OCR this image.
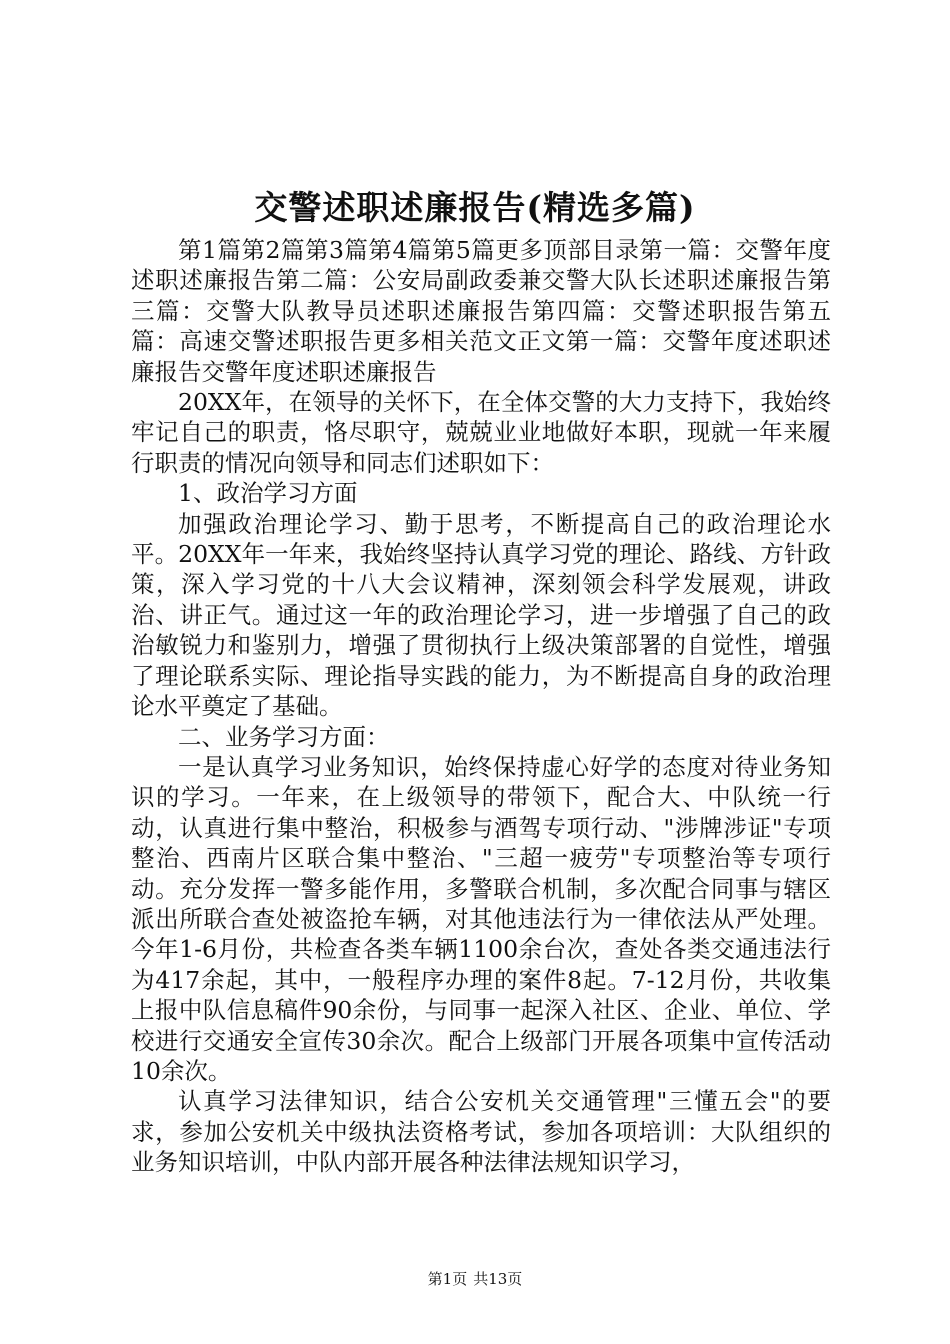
交警述职述廉报告(精选多篇)

第1篇第2篇第3篇第4篇第5篇更多顶部目录第一篇：交警年度述职述廉报告第二篇：公安局副政委兼交警大队长述职述廉报告第三篇：交警大队教导员述职述廉报告第四篇：交警述职报告第五篇：高速交警述职报告更多相关范文正文第一篇：交警年度述职述廉报告交警年度述职述廉报告

20XX年，在领导的关怀下，在全体交警的大力支持下，我始终牢记自己的职责，恪尽职守，兢兢业业地做好本职，现就一年来履行职责的情况向领导和同志们述职如下：

1、政治学习方面

加强政治理论学习、勤于思考，不断提高自己的政治理论水平。20XX年一年来，我始终坚持认真学习党的理论、路线、方针政策，深入学习党的十八大会议精神，深刻领会科学发展观，讲政治、讲正气。通过这一年的政治理论学习，进一步增强了自己的政治敏锐力和鉴别力，增强了贯彻执行上级决策部署的自觉性，增强了理论联系实际、理论指导实践的能力，为不断提高自身的政治理论水平奠定了基础。

二、业务学习方面：

一是认真学习业务知识，始终保持虚心好学的态度对待业务知识的学习。一年来，在上级领导的带领下，配合大、中队统一行动，认真进行集中整治，积极参与酒驾专项行动、"涉牌涉证"专项整治、西南片区联合集中整治、"三超一疲劳"专项整治等专项行动。充分发挥一警多能作用，多警联合机制，多次配合同事与辖区派出所联合查处被盗抢车辆，对其他违法行为一律依法从严处理。今年1-6月份，共检查各类车辆1100余台次，查处各类交通违法行为417余起，其中，一般程序办理的案件8起。7-12月份，共收集上报中队信息稿件90余份，与同事一起深入社区、企业、单位、学校进行交通安全宣传30余次。配合上级部门开展各项集中宣传活动10余次。

认真学习法律知识，结合公安机关交通管理"三懂五会"的要求，参加公安机关中级执法资格考试，参加各项培训：大队组织的业务知识培训，中队内部开展各种法律法规知识学习，

第1页 共13页
